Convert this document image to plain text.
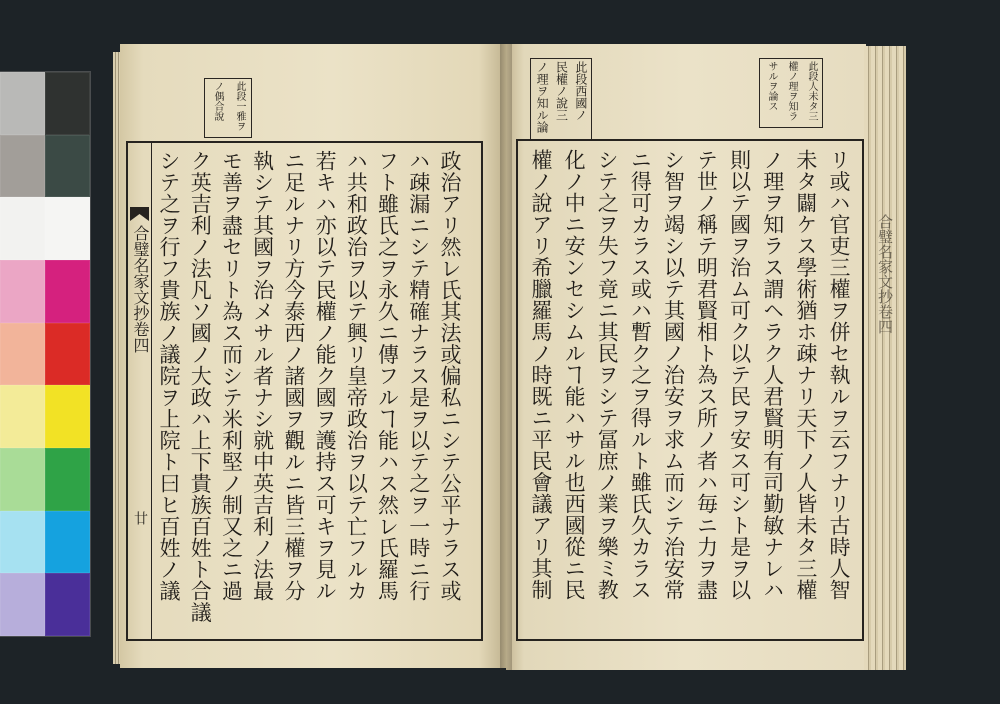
合璧名家文抄卷四
此段一雅ヲ
ノ偶合說	此段人未タ三
權ノ理ヲ知ラ
サルヲ論ス
此段西國ノ
民權ノ說三
ノ理ヲ知ル論
合璧名家文抄卷四
廿	政治アリ然レ氏其法或偏私ニシテ公平ナラス或
ハ疎漏ニシテ精確ナラス是ヲ以テ之ヲ一時ニ行
フト雖氏之ヲ永久ニ傳フルヿ能ハス然レ氏羅馬
ハ共和政治ヲ以テ興リ皇帝政治ヲ以テ亡フルカ
若キハ亦以テ民權ノ能ク國ヲ護持ス可キヲ見ル
ニ足ルナリ方今泰西ノ諸國ヲ觀ルニ皆三權ヲ分
執シテ其國ヲ治メサル者ナシ就中英吉利ノ法最
モ善ヲ盡セリト為ス而シテ米利堅ノ制又之ニ過
ク英吉利ノ法凡ソ國ノ大政ハ上下貴族百姓ト合議
シテ之ヲ行フ貴族ノ議院ヲ上院ト曰ヒ百姓ノ議	リ或ハ官吏三權ヲ併セ執ルヲ云フナリ古時人智
未タ闢ケス學術猶ホ疎ナリ天下ノ人皆未タ三權
ノ理ヲ知ラス謂ヘラク人君賢明有司勤敏ナレハ
則以テ國ヲ治ム可ク以テ民ヲ安ス可シト是ヲ以
テ世ノ稱テ明君賢相ト為ス所ノ者ハ毎ニ力ヲ盡
シ智ヲ竭シ以テ其國ノ治安ヲ求ム而シテ治安常
ニ得可カラス或ハ暫ク之ヲ得ルト雖氏久カラス
シテ之ヲ失フ竟ニ其民ヲシテ冨庶ノ業ヲ樂ミ教
化ノ中ニ安ンセシムルヿ能ハサル也西國從ニ民
權ノ說アリ希臘羅馬ノ時既ニ平民會議アリ其制
